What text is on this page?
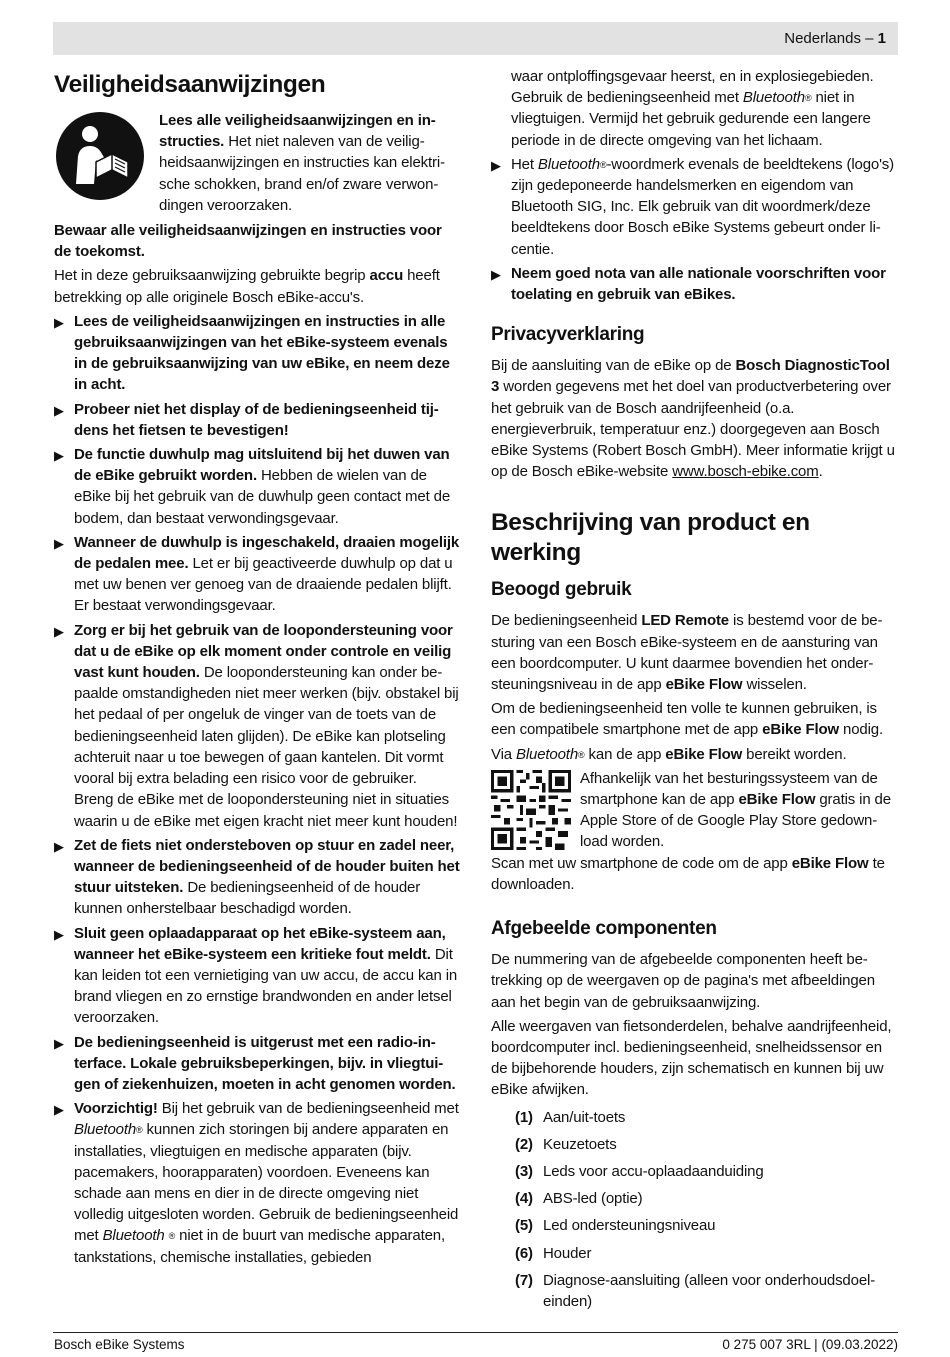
Nederlands – 1
Veiligheidsaanwijzingen
Lees alle veiligheidsaanwijzingen en instructies. Het niet naleven van de veiligheidsaanwijzingen en instructies kan elektrische schokken, brand en/of zware verwondingen veroorzaken.

Bewaar alle veiligheidsaanwijzingen en instructies voor de toekomst.

Het in deze gebruiksaanwijzing gebruikte begrip accu heeft betrekking op alle originele Bosch eBike-accu's.

▶ Lees de veiligheidsaanwijzingen en instructies in alle gebruiksaanwijzingen van het eBike-systeem evenals in de gebruiksaanwijzing van uw eBike, en neem deze in acht.
▶ Probeer niet het display of de bedieningseenheid tijdens het fietsen te bevestigen!
▶ De functie duwhulp mag uitsluitend bij het duwen van de eBike gebruikt worden. Hebben de wielen van de eBike bij het gebruik van de duwhulp geen contact met de bodem, dan bestaat verwondingsgevaar.
▶ Wanneer de duwhulp is ingeschakeld, draaien mogelijk de pedalen mee. Let er bij geactiveerde duwhulp op dat u met uw benen ver genoeg van de draaiende pedalen blijft. Er bestaat verwondingsgevaar.
▶ Zorg er bij het gebruik van de loopondersteuning voor dat u de eBike op elk moment onder controle en veilig vast kunt houden. De loopondersteuning kan onder bepaalde omstandigheden niet meer werken (bijv. obstakel bij het pedaal of per ongeluk de vinger van de toets van de bedieningseenheid laten glijden). De eBike kan plotseling achteruit naar u toe bewegen of gaan kantelen. Dit vormt vooral bij extra belading een risico voor de gebruiker. Breng de eBike met de loopondersteuning niet in situaties waarin u de eBike met eigen kracht niet meer kunt houden!
▶ Zet de fiets niet ondersteboven op stuur en zadel neer, wanneer de bedieningseenheid of de houder buiten het stuur uitsteken. De bedieningseenheid of de houder kunnen onherstelbaar beschadigd worden.
▶ Sluit geen oplaadapparaat op het eBike-systeem aan, wanneer het eBike-systeem een kritieke fout meldt. Dit kan leiden tot een vernietiging van uw accu, de accu kan in brand vliegen en zo ernstige brandwonden en ander letsel veroorzaken.
▶ De bedieningseenheid is uitgerust met een radio-interface. Lokale gebruiksbeperkingen, bijv. in vliegtuigen of ziekenhuizen, moeten in acht genomen worden.
▶ Voorzichtig! Bij het gebruik van de bedieningseenheid met Bluetooth® kunnen zich storingen bij andere apparaten en installaties, vliegtuigen en medische apparaten (bijv. pacemakers, hoorapparaten) voordoen. Eveneens kan schade aan mens en dier in de directe omgeving niet volledig uitgesloten worden. Gebruik de bedieningseenheid met Bluetooth ® niet in de buurt van medische apparaten, tankstations, chemische installaties, gebieden
waar ontploffingsgevaar heerst, en in explosiegebieden. Gebruik de bedieningseenheid met Bluetooth® niet in vliegtuigen. Vermijd het gebruik gedurende een langere periode in de directe omgeving van het lichaam.
▶ Het Bluetooth®-woordmerk evenals de beeldtekens (logo's) zijn gedeponeerde handelsmerken en eigendom van Bluetooth SIG, Inc. Elk gebruik van dit woordmerk/deze beeldtekens door Bosch eBike Systems gebeurt onder licentie.
▶ Neem goed nota van alle nationale voorschriften voor toelating en gebruik van eBikes.
Privacyverklaring

Bij de aansluiting van de eBike op de Bosch DiagnosticTool 3 worden gegevens met het doel van productverbetering over het gebruik van de Bosch aandrijfeenheid (o.a. energieverbruik, temperatuur enz.) doorgegeven aan Bosch eBike Systems (Robert Bosch GmbH). Meer informatie krijgt u op de Bosch eBike-website www.bosch-ebike.com.

Beschrijving van product en werking
Beoogd gebruik

De bedieningseenheid LED Remote is bestemd voor de besturing van een Bosch eBike-systeem en de aansturing van een boordcomputer. U kunt daarmee bovendien het ondersteuningsniveau in de app eBike Flow wisselen.

Om de bedieningseenheid ten volle te kunnen gebruiken, is een compatibele smartphone met de app eBike Flow nodig.

Via Bluetooth® kan de app eBike Flow bereikt worden.

Afhankelijk van het besturingssysteem van de smartphone kan de app eBike Flow gratis in de Apple Store of de Google Play Store gedownload worden.

Scan met uw smartphone de code om de app eBike Flow te downloaden.

Afgebeelde componenten

De nummering van de afgebeelde componenten heeft betrekking op de weergaven op de pagina's met afbeeldingen aan het begin van de gebruiksaanwijzing.

Alle weergaven van fietsonderdelen, behalve aandrijfeenheid, boordcomputer incl. bedieningseenheid, snelheidssensor en de bijbehorende houders, zijn schematisch en kunnen bij uw eBike afwijken.

(1) Aan/uit-toets
(2) Keuzetoets
(3) Leds voor accu-oplaadaanduiding
(4) ABS-led (optie)
(5) Led ondersteuningsniveau
(6) Houder
(7) Diagnose-aansluiting (alleen voor onderhoudsdoeleinden)
Bosch eBike Systems	0 275 007 3RL | (09.03.2022)
